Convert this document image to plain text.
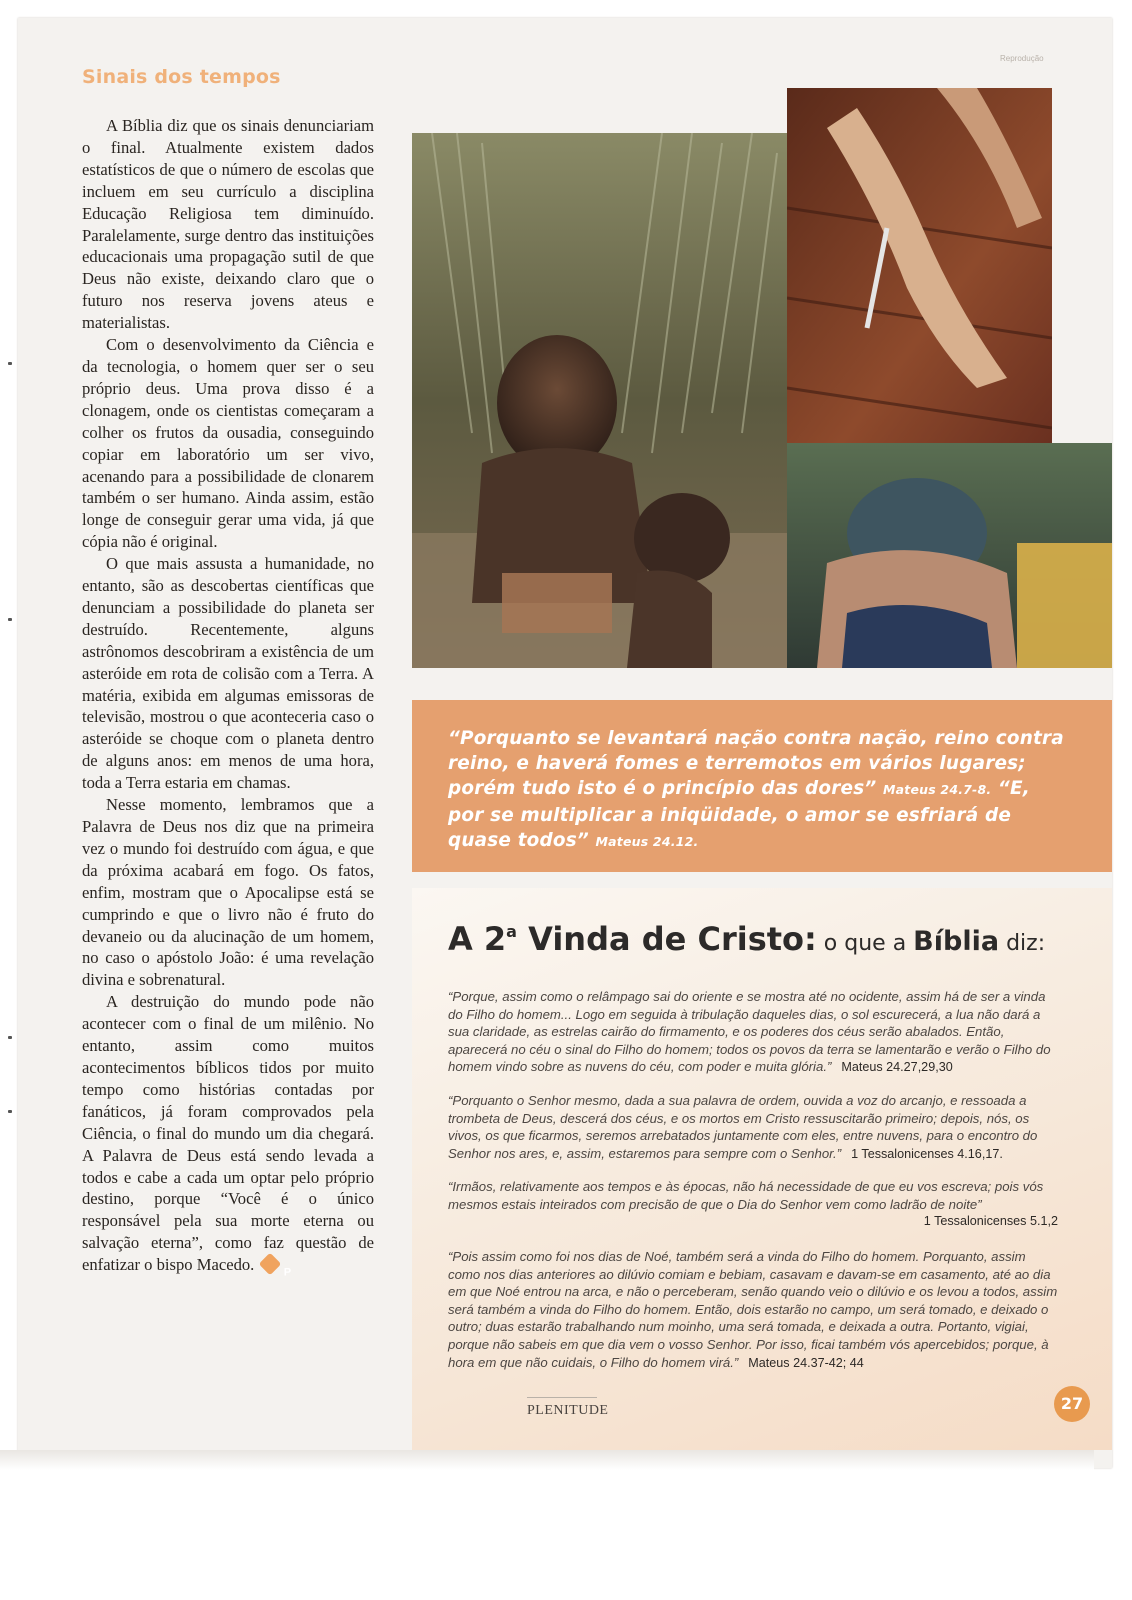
Reprodução
Sinais dos tempos

A Bíblia diz que os sinais denunciariam o final. Atualmente existem dados estatísticos de que o número de escolas que incluem em seu currículo a disciplina Educação Religiosa tem diminuído. Paralelamente, surge dentro das instituições educacionais uma propagação sutil de que Deus não existe, deixando claro que o futuro nos reserva jovens ateus e materialistas.

Com o desenvolvimento da Ciência e da tecnologia, o homem quer ser o seu próprio deus. Uma prova disso é a clonagem, onde os cientistas começaram a colher os frutos da ousadia, conseguindo copiar em laboratório um ser vivo, acenando para a possibilidade de clonarem também o ser humano. Ainda assim, estão longe de conseguir gerar uma vida, já que cópia não é original.

O que mais assusta a humanidade, no entanto, são as descobertas científicas que denunciam a possibilidade do planeta ser destruído. Recentemente, alguns astrônomos descobriram a existência de um asteróide em rota de colisão com a Terra. A matéria, exibida em algumas emissoras de televisão, mostrou o que aconteceria caso o asteróide se choque com o planeta dentro de alguns anos: em menos de uma hora, toda a Terra estaria em chamas.

Nesse momento, lembramos que a Palavra de Deus nos diz que na primeira vez o mundo foi destruído com água, e que da próxima acabará em fogo. Os fatos, enfim, mostram que o Apocalipse está se cumprindo e que o livro não é fruto do devaneio ou da alucinação de um homem, no caso o apóstolo João: é uma revelação divina e sobrenatural.

A destruição do mundo pode não acontecer com o final de um milênio. No entanto, assim como muitos acontecimentos bíblicos tidos por muito tempo como histórias contadas por fanáticos, já foram comprovados pela Ciência, o final do mundo um dia chegará. A Palavra de Deus está sendo levada a todos e cabe a cada um optar pelo próprio destino, porque “Você é o único responsável pela sua morte eterna ou salvação eterna”, como faz questão de enfatizar o bispo Macedo.	P

“Porquanto se levantará nação contra nação, reino contra reino, e haverá fomes e terremotos em vários lugares; porém tudo isto é o princípio das dores” Mateus 24.7-8. “E, por se multiplicar a iniqüidade, o amor se esfriará de quase todos” Mateus 24.12.
A 2$^a$ Vinda de Cristo: o que a Bíblia diz:
“Porque, assim como o relâmpago sai do oriente e se mostra até no ocidente, assim há de ser a vinda do Filho do homem... Logo em seguida à tribulação daqueles dias, o sol escurecerá, a lua não dará a sua claridade, as estrelas cairão do firmamento, e os poderes dos céus serão abalados. Então, aparecerá no céu o sinal do Filho do homem; todos os povos da terra se lamentarão e verão o Filho do homem vindo sobre as nuvens do céu, com poder e muita glória.” Mateus 24.27,29,30
“Porquanto o Senhor mesmo, dada a sua palavra de ordem, ouvida a voz do arcanjo, e ressoada a trombeta de Deus, descerá dos céus, e os mortos em Cristo ressuscitarão primeiro; depois, nós, os vivos, os que ficarmos, seremos arrebatados juntamente com eles, entre nuvens, para o encontro do Senhor nos ares, e, assim, estaremos para sempre com o Senhor.” 1 Tessalonicenses 4.16,17.
“Irmãos, relativamente aos tempos e às épocas, não há necessidade de que eu vos escreva; pois vós mesmos estais inteirados com precisão de que o Dia do Senhor vem como ladrão de noite”
1 Tessalonicenses 5.1,2
“Pois assim como foi nos dias de Noé, também será a vinda do Filho do homem. Porquanto, assim como nos dias anteriores ao dilúvio comiam e bebiam, casavam e davam-se em casamento, até ao dia em que Noé entrou na arca, e não o perceberam, senão quando veio o dilúvio e os levou a todos, assim será também a vinda do Filho do homem. Então, dois estarão no campo, um será tomado, e deixado o outro; duas estarão trabalhando num moinho, uma será tomada, e deixada a outra. Portanto, vigiai, porque não sabeis em que dia vem o vosso Senhor. Por isso, ficai também vós apercebidos; porque, à hora em que não cuidais, o Filho do homem virá.” Mateus 24.37-42; 44
PLENITUDE	27
